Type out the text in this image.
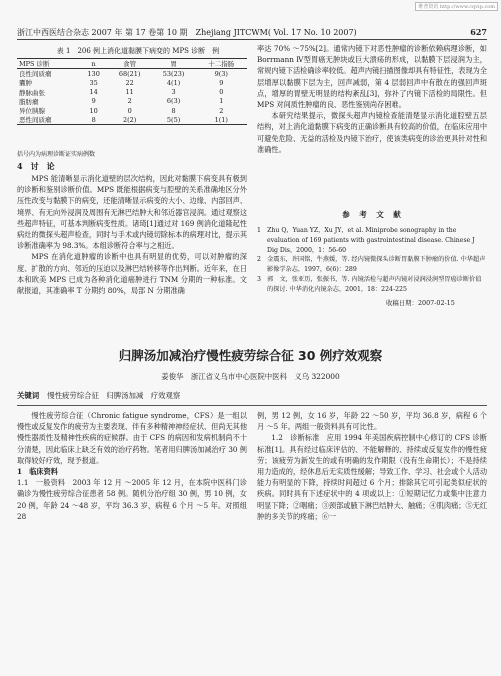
维普资讯 http://www.cqvip.com
浙江中西医结合杂志 2007 年 第 17 卷第 10 期　Zhejiang JITCWM( Vol. 17 No. 10 2007)	627
表 1　206 例上消化道黏膜下病变的 MPS 诊断　例
MPS 诊断	n	食管	胃	十二指肠
良性间质瘤	130	68(21)	53(23)	9(3)
囊肿	35	22	4(1)	9
静脉曲张	14	11	3	0
脂肪瘤	9	2	6(3)	1
异位胰腺	10	0	8	2
恶性间质瘤	8	2(2)	5(5)	1(1)
括号内为病理诊断证实病例数
4　讨　论

MPS 能清晰显示消化道壁的层次结构，因此对黏膜下病变具有极到的诊断和鉴别诊断价值。MPS 既能根据病变与腔壁的关系准确地区分外压性改变与黏膜下的病变，还能清晰显示病变的大小、边缘、内部回声、境界、有无向外浸润及周围有无淋巴结肿大和邻近器官浸润。通过观察这些超声特征，可基本判断病变性质。诸琦[1]通过对 169 例消化道隆起性病灶的微探头超声检查，同时与手术或内镜切除标本的病理对比，提示其诊断准确率为 98.3%。本组诊断符合率与之相近。

MPS 在消化道肿瘤的诊断中也具有明显的优势，可以对肿瘤的深度、扩散的方向、邻近的压迫以及淋巴结转移等作出判断。近年来，在日本和欧美 MPS 已成为各种消化道癌肿进行 TNM 分期的一种标准。文献报道，其准确率 T 分期约 80%，局部 N 分期准确

率达 70% ～75%[2]。通常内镜下对恶性肿瘤的诊断依赖病理诊断，如 Borrmann Ⅳ型胃癌无肿块或巨大溃疡的形成，以黏膜下层浸润为主，常规内镜下活检确诊率较低。超声内镜扫描图像却具有特征性，表现为全层增厚以黏膜下层为主，回声减弱，第 4 层弱回声中有散在的强回声斑点，增厚的胃壁无明显的结构紊乱[3]，弥补了内镜下活检的局限性。但 MPS 对间质性肿瘤的良、恶性鉴别尚存困难。

本研究结果提示，微探头超声内镜检查能清楚显示消化道腔壁五层结构，对上消化道黏膜下病变的正确诊断具有较高的价值，在临床应用中可避免危险、无益的活检及内镜下治疗，使该类病变的诊治更具针对性和准确性。

参　考　文　献
1　Zhu Q，Yuan YZ，Xu JY，et al. Miniprobe sonography in the evaluation of 169 patients with gastrointestinal disease. Chinese J Dig Dis，2000，1：56-60
2　金震东，许国铭，牛燕媛，等. 经内镜微探头诊断胃黏膜下肿瘤的价值. 中华超声影像学杂志，1997，6(6)：289
3　郭　文，张亚历，张振书，等. 内镜活检与超声内镜对浸润浸润型胃癌诊断价值的探讨. 中华消化内镜杂志，2001，18：224-225
收稿日期：2007-02-15
归脾汤加减治疗慢性疲劳综合征 30 例疗效观察
姜俊华　浙江省义乌市中心医院中医科　义乌 322000
关键词 慢性疲劳综合征　归脾汤加减　疗效观察

慢性疲劳综合征（Chronic fatigue syndrome，CFS）是一组以慢性或反复发作的疲劳为主要表现、伴有多种精神神经症状、但尚无其他慢性器质性及精神性疾病的症候群。由于 CFS 的病因和发病机制尚不十分清楚，因此临床上缺乏有效的治疗药物。笔者用归脾汤加减治疗 30 例取得较好疗效，现予报道。

1　临床资料

1.1　一般资料　2003 年 12 月 ～2005 年 12 月，在本院中医科门诊确诊为慢性疲劳综合征患者 58 例。随机分治疗组 30 例，男 10 例，女 20 例，年龄 24 ～48 岁，平均 36.3 岁，病程 6 个月 ～5 年。对照组 28

例，男 12 例，女 16 岁，年龄 22 ～50 岁，平均 36.8 岁，病程 6 个月 ～5 年。两组一般资料具有可比性。

1.2　诊断标准　应用 1994 年美国疾病控制中心修订的 CFS 诊断标准[1]。具有经过临床评估的、不能解释的、持续或反复发作的慢性疲劳；该疲劳为新发生的或有明确的发作期限（没有生命期长）；不是持续用力造成的，经休息后无实质性缓解；导致工作、学习、社会或个人活动能力有明显的下降，持续时间超过 6 个月；排除其它可引起类似症状的疾病。同时具有下述症状中的 4 项或以上：①短期记忆力或集中注意力明显下降；②咽痛；③颈部或腋下淋巴结肿大、触痛；④肌肉痛；⑤无红肿的多关节的疼痛；⑥一
